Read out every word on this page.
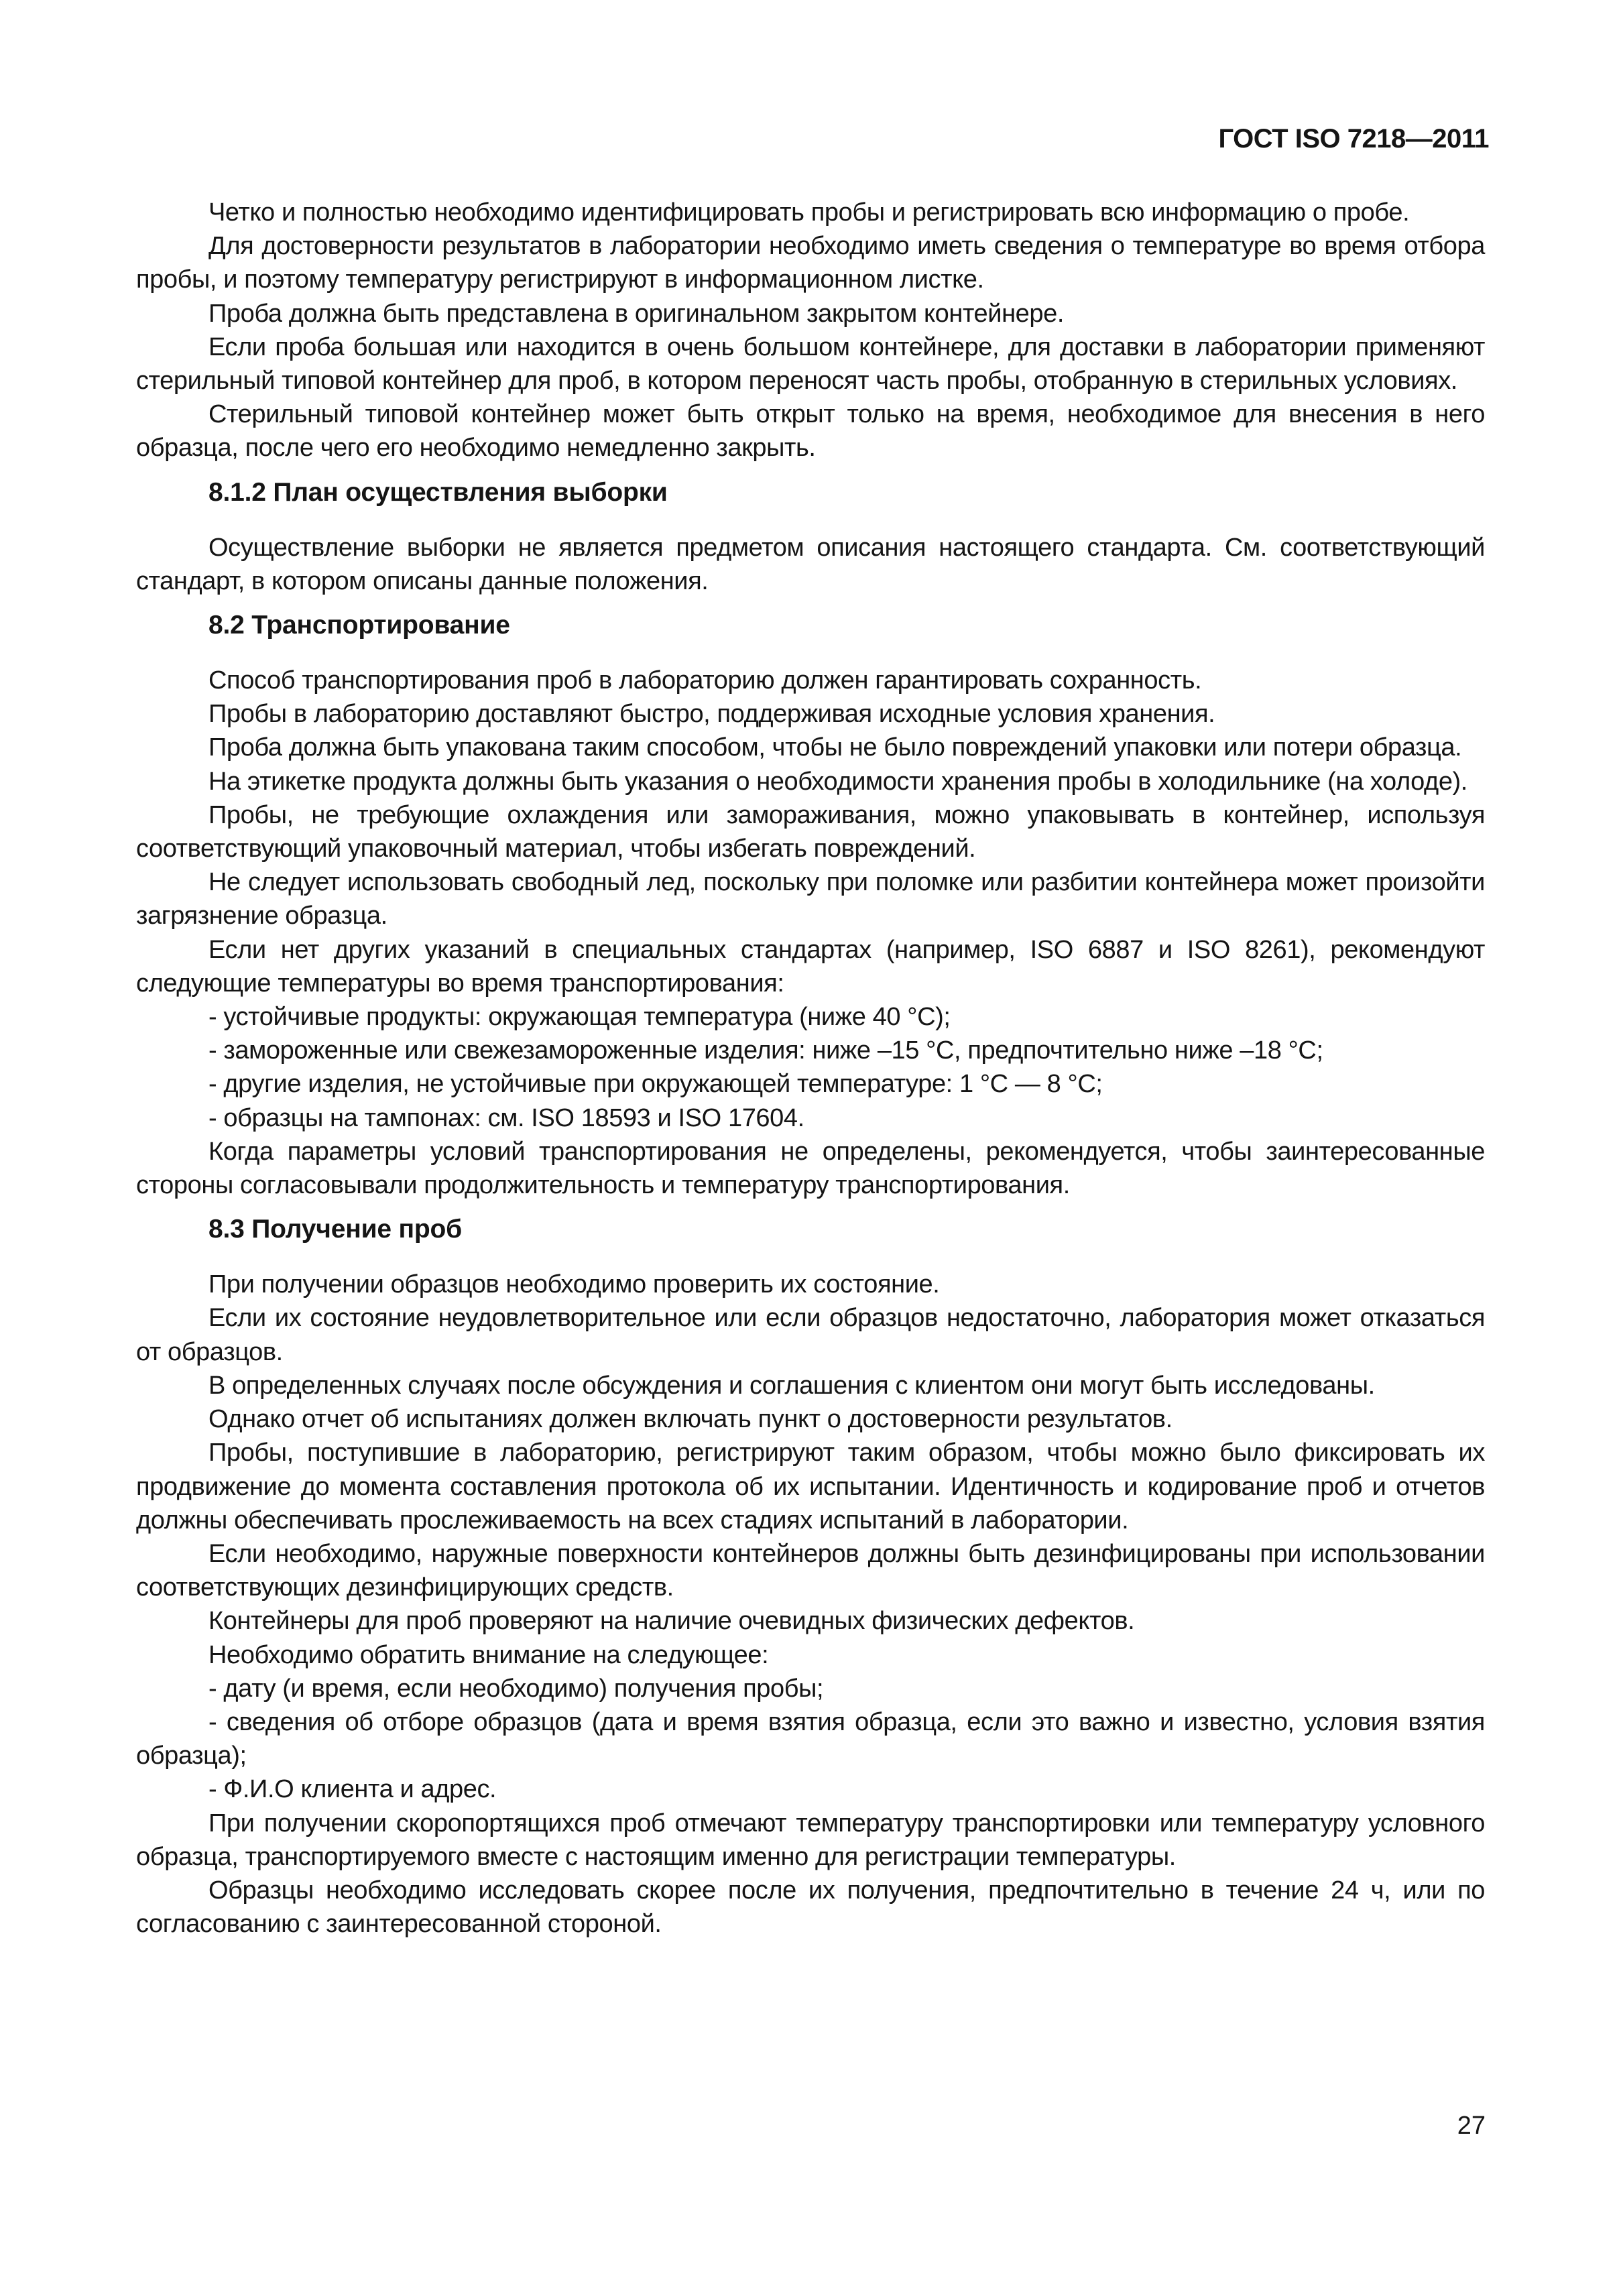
ГОСТ ISO 7218—2011

Четко и полностью необходимо идентифицировать пробы и регистрировать всю информацию о пробе.

Для достоверности результатов в лаборатории необходимо иметь сведения о температуре во время отбора пробы, и поэтому температуру регистрируют в информационном листке.

Проба должна быть представлена в оригинальном закрытом контейнере.

Если проба большая или находится в очень большом контейнере, для доставки в лаборатории применяют стерильный типовой контейнер для проб, в котором переносят часть пробы, отобранную в стерильных условиях.

Стерильный типовой контейнер может быть открыт только на время, необходимое для внесения в него образца, после чего его необходимо немедленно закрыть.

8.1.2 План осуществления выборки

Осуществление выборки не является предметом описания настоящего стандарта. См. соответствующий стандарт, в котором описаны данные положения.

8.2 Транспортирование

Способ транспортирования проб в лабораторию должен гарантировать сохранность.

Пробы в лабораторию доставляют быстро, поддерживая исходные условия хранения.

Проба должна быть упакована таким способом, чтобы не было повреждений упаковки или потери образца.

На этикетке продукта должны быть указания о необходимости хранения пробы в холодильнике (на холоде).

Пробы, не требующие охлаждения или замораживания, можно упаковывать в контейнер, используя соответствующий упаковочный материал, чтобы избегать повреждений.

Не следует использовать свободный лед, поскольку при поломке или разбитии контейнера может произойти загрязнение образца.

Если нет других указаний в специальных стандартах (например, ISO 6887 и ISO 8261), рекомендуют следующие температуры во время транспортирования:

- устойчивые продукты: окружающая температура (ниже 40 °С);

- замороженные или свежезамороженные изделия: ниже –15 °С, предпочтительно ниже –18 °С;

- другие изделия, не устойчивые при окружающей температуре: 1 °С — 8 °С;

- образцы на тампонах: см. ISO 18593 и ISO 17604.

Когда параметры условий транспортирования не определены, рекомендуется, чтобы заинтересованные стороны согласовывали продолжительность и температуру транспортирования.

8.3 Получение проб

При получении образцов необходимо проверить их состояние.

Если их состояние неудовлетворительное или если образцов недостаточно, лаборатория может отказаться от образцов.

В определенных случаях после обсуждения и соглашения с клиентом они могут быть исследованы.

Однако отчет об испытаниях должен включать пункт о достоверности результатов.

Пробы, поступившие в лабораторию, регистрируют таким образом, чтобы можно было фиксировать их продвижение до момента составления протокола об их испытании. Идентичность и кодирование проб и отчетов должны обеспечивать прослеживаемость на всех стадиях испытаний в лаборатории.

Если необходимо, наружные поверхности контейнеров должны быть дезинфицированы при использовании соответствующих дезинфицирующих средств.

Контейнеры для проб проверяют на наличие очевидных физических дефектов.

Необходимо обратить внимание на следующее:

- дату (и время, если необходимо) получения пробы;

- сведения об отборе образцов (дата и время взятия образца, если это важно и известно, условия взятия образца);

- Ф.И.О клиента и адрес.

При получении скоропортящихся проб отмечают температуру транспортировки или температуру условного образца, транспортируемого вместе с настоящим именно для регистрации температуры.

Образцы необходимо исследовать скорее после их получения, предпочтительно в течение 24 ч, или по согласованию с заинтересованной стороной.

27
